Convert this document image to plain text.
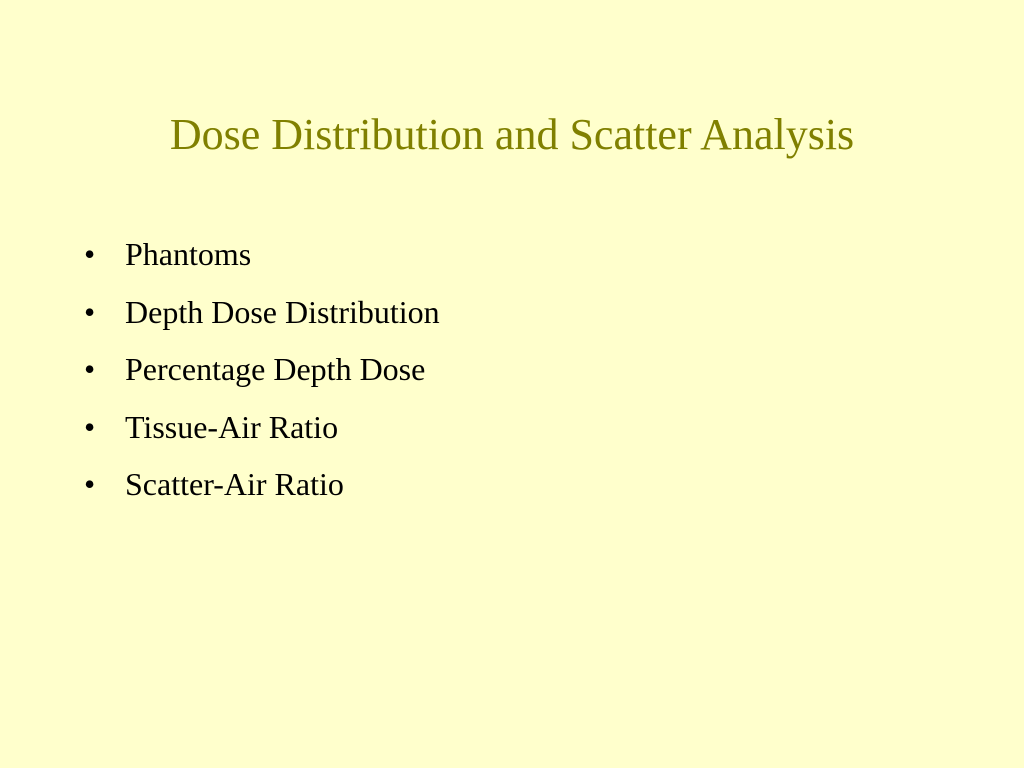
Dose Distribution and Scatter Analysis
• Phantoms
• Depth Dose Distribution
• Percentage Depth Dose
• Tissue-Air Ratio
• Scatter-Air Ratio
